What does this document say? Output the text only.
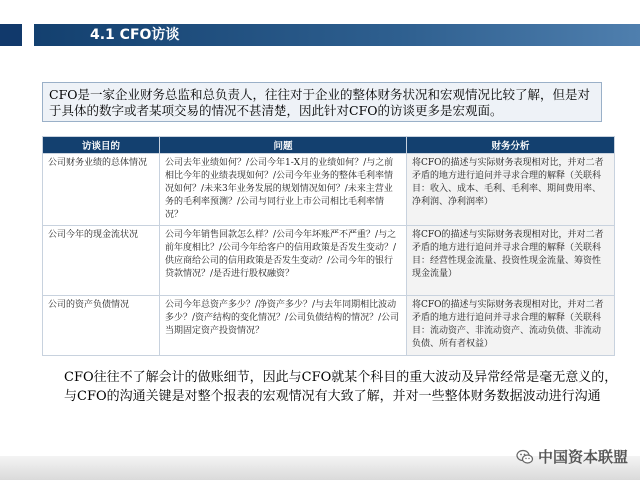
4.1 CFO访谈
CFO是一家企业财务总监和总负责人，往往对于企业的整体财务状况和宏观情况比较了解，但是对于具体的数字或者某项交易的情况不甚清楚，因此针对CFO的访谈更多是宏观面。
访谈目的	问题	财务分析
公司财务业绩的总体情况	公司去年业绩如何？/公司今年1-X月的业绩如何？/与之前相比今年的业绩表现如何？/公司今年业务的整体毛利率情况如何？/未来3年业务发展的规划情况如何？/未来主营业务的毛利率预测？/公司与同行业上市公司相比毛利率情况？	将CFO的描述与实际财务表现相对比，并对二者矛盾的地方进行追问并寻求合理的解释（关联科目：收入、成本、毛利、毛利率、期间费用率、净利润、净利润率）
公司今年的现金流状况	公司今年销售回款怎么样？/公司今年坏账严不严重？/与之前年度相比？/公司今年给客户的信用政策是否发生变动？/供应商给公司的信用政策是否发生变动？/公司今年的银行贷款情况？/是否进行股权融资？	将CFO的描述与实际财务表现相对比，并对二者矛盾的地方进行追问并寻求合理的解释（关联科目：经营性现金流量、投资性现金流量、筹资性现金流量）
公司的资产负债情况	公司今年总资产多少？/净资产多少？/与去年同期相比波动多少？/资产结构的变化情况？/公司负债结构的情况？/公司当期固定资产投资情况？	将CFO的描述与实际财务表现相对比，并对二者矛盾的地方进行追问并寻求合理的解释（关联科目：流动资产、非流动资产、流动负债、非流动负债、所有者权益）
CFO往往不了解会计的做账细节，因此与CFO就某个科目的重大波动及异常经常是毫无意义的，与CFO的沟通关键是对整个报表的宏观情况有大致了解，并对一些整体财务数据波动进行沟通
中国资本联盟
